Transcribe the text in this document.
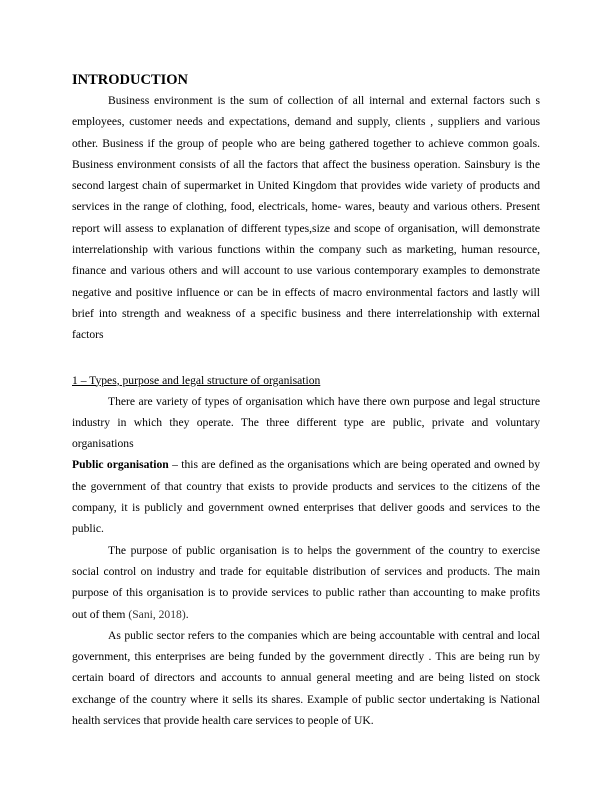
INTRODUCTION

Business environment is the sum of collection of all internal and external factors such s employees, customer needs and expectations, demand and supply, clients , suppliers and various other. Business if the group of people who are being gathered together to achieve common goals. Business environment consists of all the factors that affect the business operation. Sainsbury is the second largest chain of supermarket in United Kingdom that provides wide variety of products and services in the range of clothing, food, electricals, home- wares, beauty and various others. Present report will assess to explanation of different types,size and scope of organisation, will demonstrate interrelationship with various functions within the company such as marketing, human resource, finance and various others and will account to use various contemporary examples to demonstrate negative and positive influence or can be in effects of macro environmental factors and lastly will brief into strength and weakness of a specific business and there interrelationship with external factors

1 – Types, purpose and legal structure of organisation

There are variety of types of organisation which have there own purpose and legal structure industry in which they operate. The three different type are public, private and voluntary organisations

Public organisation – this are defined as the organisations which are being operated and owned by the government of that country that exists to provide products and services to the citizens of the company, it is publicly and government owned enterprises that deliver goods and services to the public.

The purpose of public organisation is to helps the government of the country to exercise social control on industry and trade for equitable distribution of services and products. The main purpose of this organisation is to provide services to public rather than accounting to make profits out of them (Sani, 2018).

As public sector refers to the companies which are being accountable with central and local government, this enterprises are being funded by the government directly . This are being run by certain board of directors and accounts to annual general meeting and are being listed on stock exchange of the country where it sells its shares. Example of public sector undertaking is National health services that provide health care services to people of UK.
